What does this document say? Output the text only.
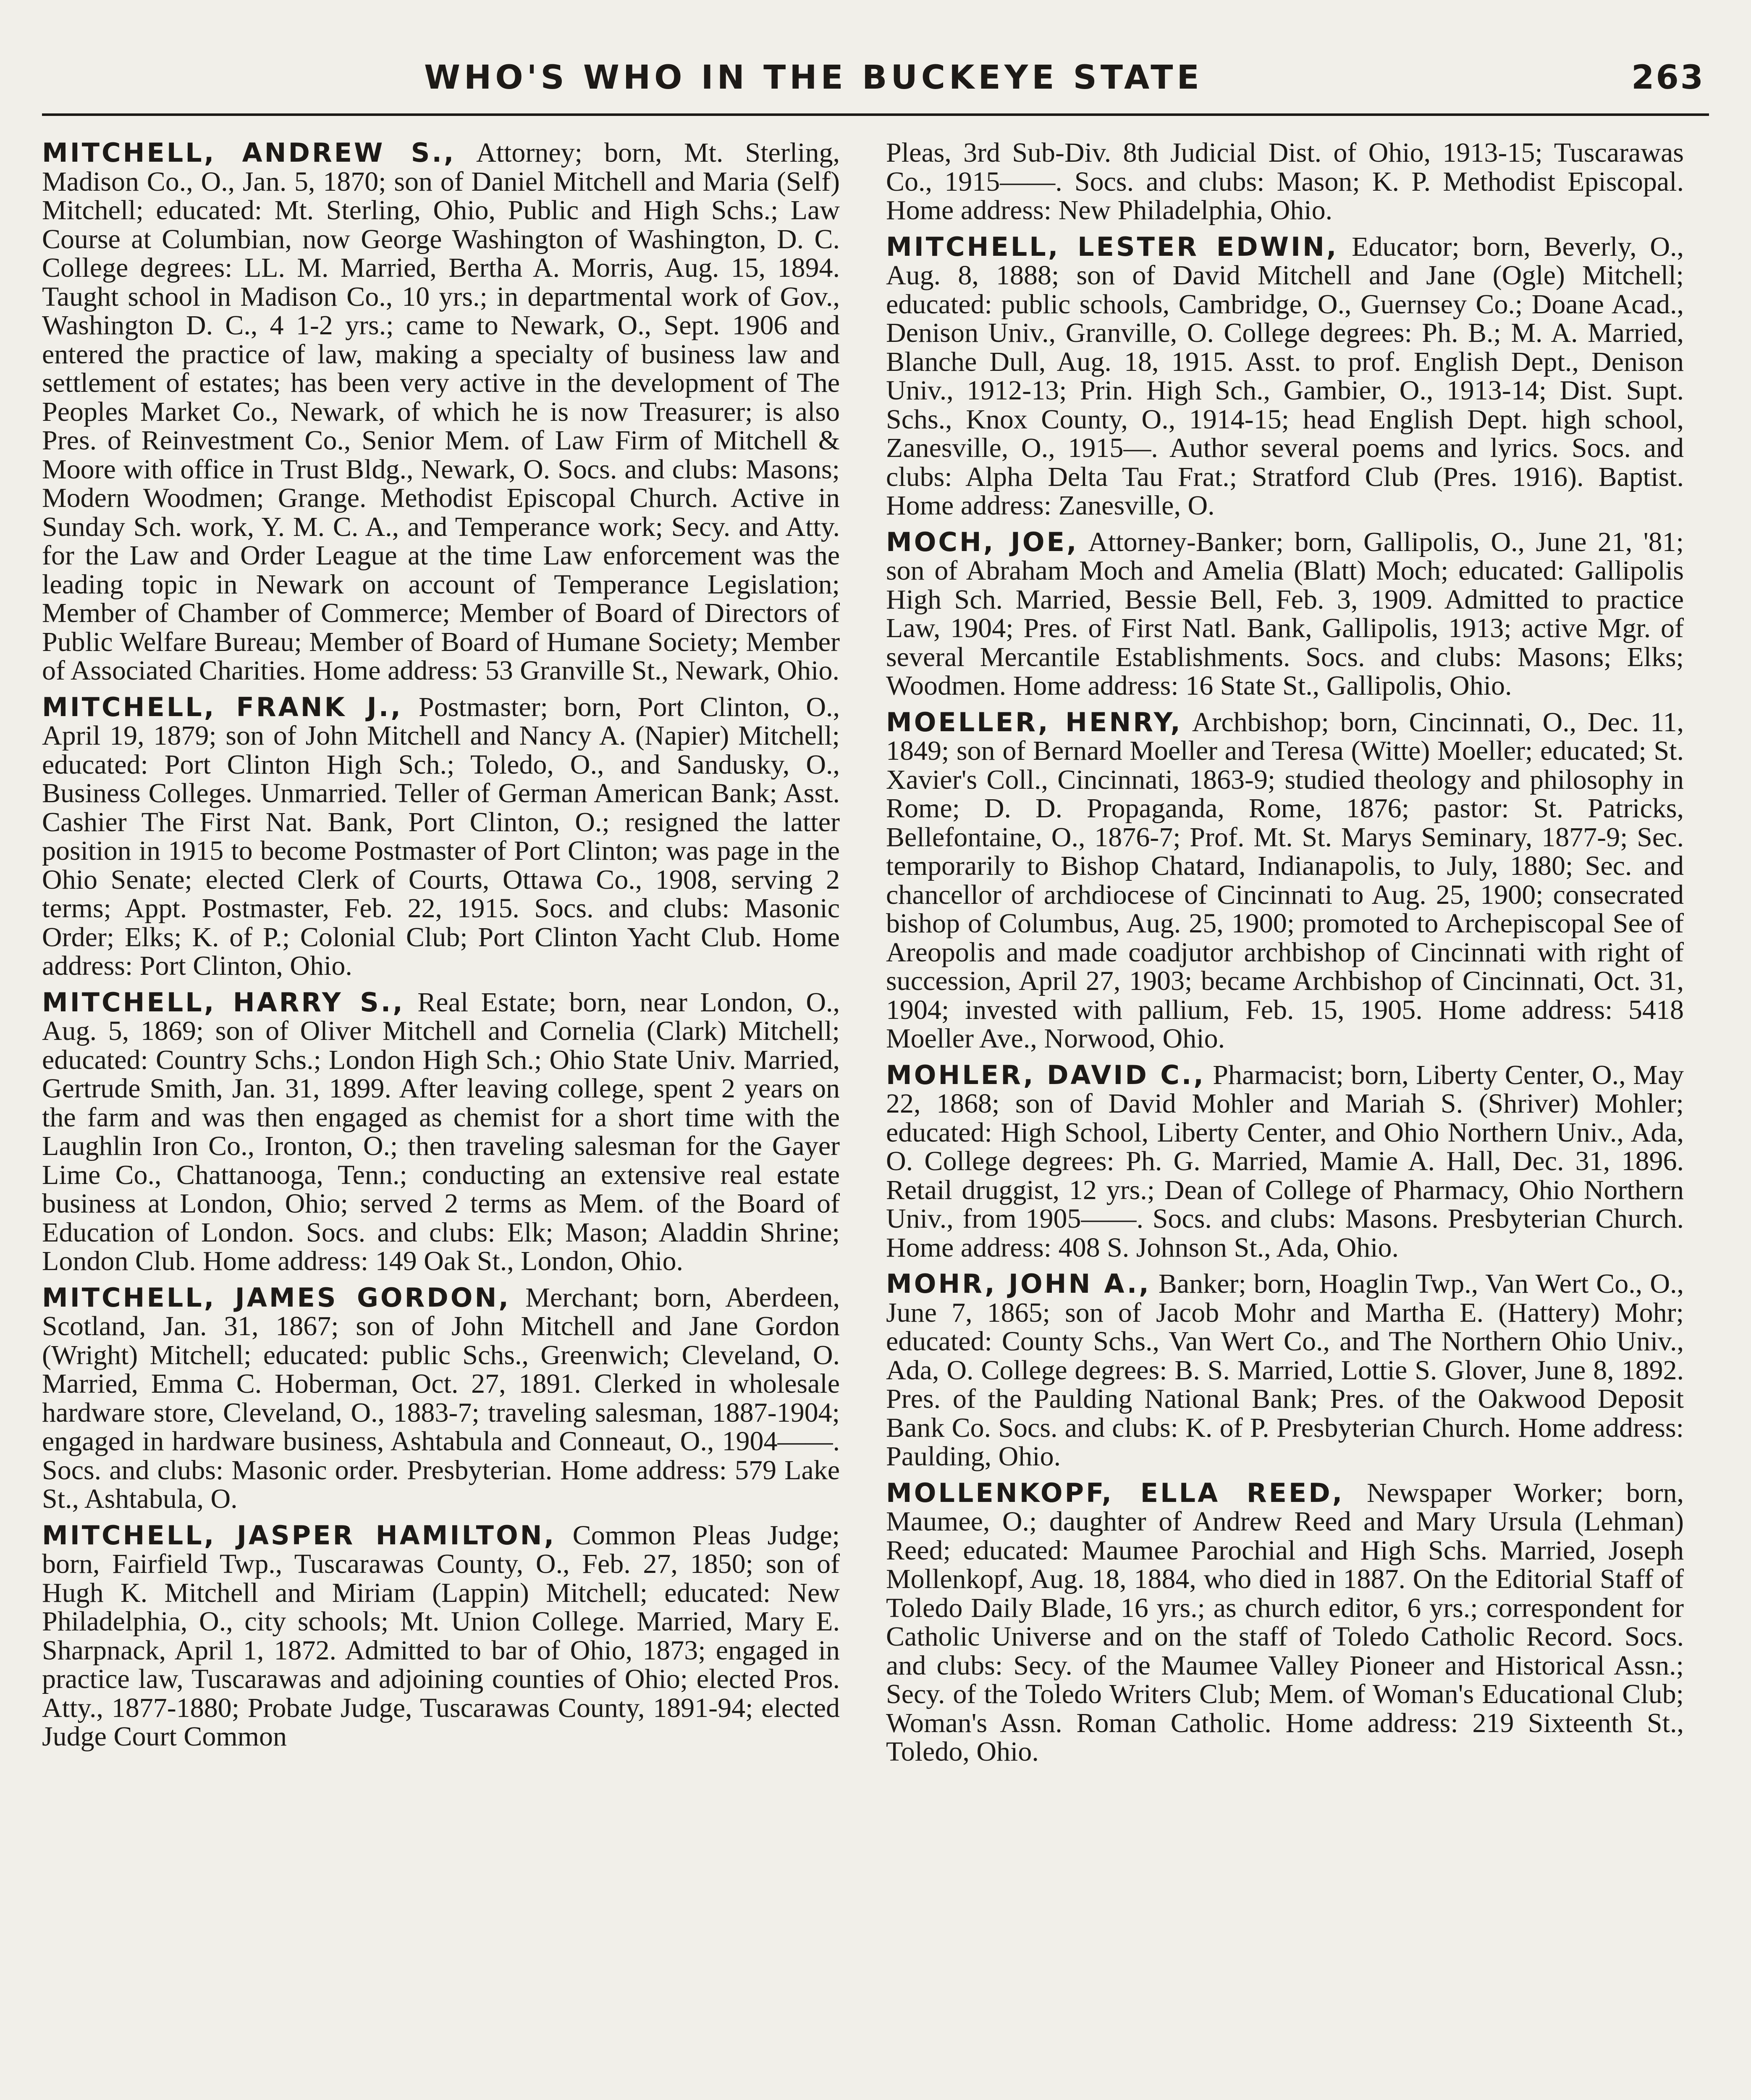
WHO'S WHO IN THE BUCKEYE STATE	263
MITCHELL, ANDREW S., Attorney; born, Mt. Sterling, Madison Co., O., Jan. 5, 1870; son of Daniel Mitchell and Maria (Self) Mitchell; educated: Mt. Sterling, Ohio, Public and High Schs.; Law Course at Columbian, now George Washington of Washington, D. C. College degrees: LL. M. Married, Bertha A. Morris, Aug. 15, 1894. Taught school in Madison Co., 10 yrs.; in departmental work of Gov., Washington D. C., 4 1-2 yrs.; came to Newark, O., Sept. 1906 and entered the practice of law, making a specialty of business law and settlement of estates; has been very active in the development of The Peoples Market Co., Newark, of which he is now Treasurer; is also Pres. of Reinvestment Co., Senior Mem. of Law Firm of Mitchell & Moore with office in Trust Bldg., Newark, O. Socs. and clubs: Masons; Modern Woodmen; Grange. Methodist Episcopal Church. Active in Sunday Sch. work, Y. M. C. A., and Temperance work; Secy. and Atty. for the Law and Order League at the time Law enforcement was the leading topic in Newark on account of Temperance Legislation; Member of Chamber of Commerce; Member of Board of Directors of Public Welfare Bureau; Member of Board of Humane Society; Member of Associated Charities. Home address: 53 Granville St., Newark, Ohio.
MITCHELL, FRANK J., Postmaster; born, Port Clinton, O., April 19, 1879; son of John Mitchell and Nancy A. (Napier) Mitchell; educated: Port Clinton High Sch.; Toledo, O., and Sandusky, O., Business Colleges. Unmarried. Teller of German American Bank; Asst. Cashier The First Nat. Bank, Port Clinton, O.; resigned the latter position in 1915 to become Postmaster of Port Clinton; was page in the Ohio Senate; elected Clerk of Courts, Ottawa Co., 1908, serving 2 terms; Appt. Postmaster, Feb. 22, 1915. Socs. and clubs: Masonic Order; Elks; K. of P.; Colonial Club; Port Clinton Yacht Club. Home address: Port Clinton, Ohio.
MITCHELL, HARRY S., Real Estate; born, near London, O., Aug. 5, 1869; son of Oliver Mitchell and Cornelia (Clark) Mitchell; educated: Country Schs.; London High Sch.; Ohio State Univ. Married, Gertrude Smith, Jan. 31, 1899. After leaving college, spent 2 years on the farm and was then engaged as chemist for a short time with the Laughlin Iron Co., Ironton, O.; then traveling salesman for the Gayer Lime Co., Chattanooga, Tenn.; conducting an extensive real estate business at London, Ohio; served 2 terms as Mem. of the Board of Education of London. Socs. and clubs: Elk; Mason; Aladdin Shrine; London Club. Home address: 149 Oak St., London, Ohio.
MITCHELL, JAMES GORDON, Merchant; born, Aberdeen, Scotland, Jan. 31, 1867; son of John Mitchell and Jane Gordon (Wright) Mitchell; educated: public Schs., Greenwich; Cleveland, O. Married, Emma C. Hoberman, Oct. 27, 1891. Clerked in wholesale hardware store, Cleveland, O., 1883-7; traveling salesman, 1887-1904; engaged in hardware business, Ashtabula and Conneaut, O., 1904——. Socs. and clubs: Masonic order. Presbyterian. Home address: 579 Lake St., Ashtabula, O.
MITCHELL, JASPER HAMILTON, Common Pleas Judge; born, Fairfield Twp., Tuscarawas County, O., Feb. 27, 1850; son of Hugh K. Mitchell and Miriam (Lappin) Mitchell; educated: New Philadelphia, O., city schools; Mt. Union College. Married, Mary E. Sharpnack, April 1, 1872. Admitted to bar of Ohio, 1873; engaged in practice law, Tuscarawas and adjoining counties of Ohio; elected Pros. Atty., 1877-1880; Probate Judge, Tuscarawas County, 1891-94; elected Judge Court Common
Pleas, 3rd Sub-Div. 8th Judicial Dist. of Ohio, 1913-15; Tuscarawas Co., 1915——. Socs. and clubs: Mason; K. P. Methodist Episcopal. Home address: New Philadelphia, Ohio.
MITCHELL, LESTER EDWIN, Educator; born, Beverly, O., Aug. 8, 1888; son of David Mitchell and Jane (Ogle) Mitchell; educated: public schools, Cambridge, O., Guernsey Co.; Doane Acad., Denison Univ., Granville, O. College degrees: Ph. B.; M. A. Married, Blanche Dull, Aug. 18, 1915. Asst. to prof. English Dept., Denison Univ., 1912-13; Prin. High Sch., Gambier, O., 1913-14; Dist. Supt. Schs., Knox County, O., 1914-15; head English Dept. high school, Zanesville, O., 1915—. Author several poems and lyrics. Socs. and clubs: Alpha Delta Tau Frat.; Stratford Club (Pres. 1916). Baptist. Home address: Zanesville, O.
MOCH, JOE, Attorney-Banker; born, Gallipolis, O., June 21, '81; son of Abraham Moch and Amelia (Blatt) Moch; educated: Gallipolis High Sch. Married, Bessie Bell, Feb. 3, 1909. Admitted to practice Law, 1904; Pres. of First Natl. Bank, Gallipolis, 1913; active Mgr. of several Mercantile Establishments. Socs. and clubs: Masons; Elks; Woodmen. Home address: 16 State St., Gallipolis, Ohio.
MOELLER, HENRY, Archbishop; born, Cincinnati, O., Dec. 11, 1849; son of Bernard Moeller and Teresa (Witte) Moeller; educated; St. Xavier's Coll., Cincinnati, 1863-9; studied theology and philosophy in Rome; D. D. Propaganda, Rome, 1876; pastor: St. Patricks, Bellefontaine, O., 1876-7; Prof. Mt. St. Marys Seminary, 1877-9; Sec. temporarily to Bishop Chatard, Indianapolis, to July, 1880; Sec. and chancellor of archdiocese of Cincinnati to Aug. 25, 1900; consecrated bishop of Columbus, Aug. 25, 1900; promoted to Archepiscopal See of Areopolis and made coadjutor archbishop of Cincinnati with right of succession, April 27, 1903; became Archbishop of Cincinnati, Oct. 31, 1904; invested with pallium, Feb. 15, 1905. Home address: 5418 Moeller Ave., Norwood, Ohio.
MOHLER, DAVID C., Pharmacist; born, Liberty Center, O., May 22, 1868; son of David Mohler and Mariah S. (Shriver) Mohler; educated: High School, Liberty Center, and Ohio Northern Univ., Ada, O. College degrees: Ph. G. Married, Mamie A. Hall, Dec. 31, 1896. Retail druggist, 12 yrs.; Dean of College of Pharmacy, Ohio Northern Univ., from 1905——. Socs. and clubs: Masons. Presbyterian Church. Home address: 408 S. Johnson St., Ada, Ohio.
MOHR, JOHN A., Banker; born, Hoaglin Twp., Van Wert Co., O., June 7, 1865; son of Jacob Mohr and Martha E. (Hattery) Mohr; educated: County Schs., Van Wert Co., and The Northern Ohio Univ., Ada, O. College degrees: B. S. Married, Lottie S. Glover, June 8, 1892. Pres. of the Paulding National Bank; Pres. of the Oakwood Deposit Bank Co. Socs. and clubs: K. of P. Presbyterian Church. Home address: Paulding, Ohio.
MOLLENKOPF, ELLA REED, Newspaper Worker; born, Maumee, O.; daughter of Andrew Reed and Mary Ursula (Lehman) Reed; educated: Maumee Parochial and High Schs. Married, Joseph Mollenkopf, Aug. 18, 1884, who died in 1887. On the Editorial Staff of Toledo Daily Blade, 16 yrs.; as church editor, 6 yrs.; correspondent for Catholic Universe and on the staff of Toledo Catholic Record. Socs. and clubs: Secy. of the Maumee Valley Pioneer and Historical Assn.; Secy. of the Toledo Writers Club; Mem. of Woman's Educational Club; Woman's Assn. Roman Catholic. Home address: 219 Sixteenth St., Toledo, Ohio.
